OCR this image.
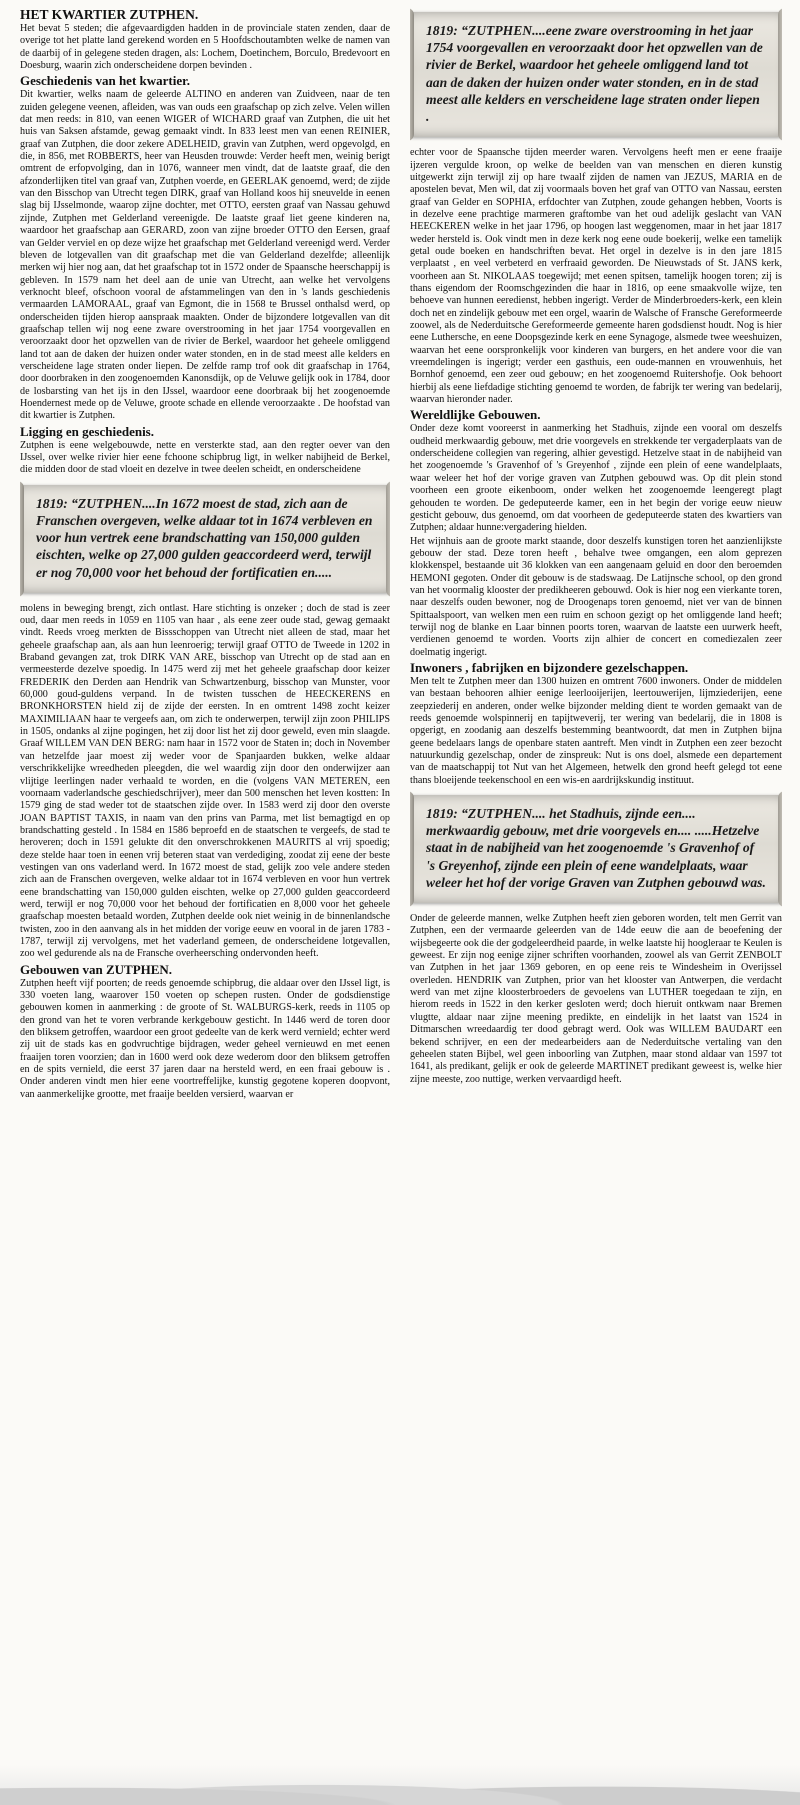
HET KWARTIER ZUTPHEN.

Het bevat 5 steden; die afgevaardigden hadden in de provinciale staten zenden, daar de overige tot het platte land gerekend worden en 5 Hoofdschoutambten welke de namen van de daarbij of in gelegene steden dragen, als: Lochem, Doetinchem, Borculo, Bredevoort en Doesburg, waarin zich onderscheidene dorpen bevinden .

Geschiedenis van het kwartier.

Dit kwartier, welks naam de geleerde ALTINO en anderen van Zuidveen, naar de ten zuiden gelegene veenen, afleiden, was van ouds een graafschap op zich zelve. Velen willen dat men reeds: in 810, van eenen WIGER of WICHARD graaf van Zutphen, die uit het huis van Saksen afstamde, gewag gemaakt vindt. In 833 leest men van eenen REINIER, graaf van Zutphen, die door zekere ADELHEID, gravin van Zutphen, werd opgevolgd, en die, in 856, met ROBBERTS, heer van Heusden trouwde: Verder heeft men, weinig berigt omtrent de erfopvolging, dan in 1076, wanneer men vindt, dat de laatste graaf, die den afzonderlijken titel van graaf van, Zutphen voerde, en GEERLAK genoemd, werd; de zijde van den Bisschop van Utrecht tegen DIRK, graaf van Holland koos hij sneuvelde in eenen slag bij IJsselmonde, waarop zijne dochter, met OTTO, eersten graaf van Nassau gehuwd zijnde, Zutphen met Gelderland vereenigde. De laatste graaf liet geene kinderen na, waardoor het graafschap aan GERARD, zoon van zijne broeder OTTO den Eersen, graaf van Gelder verviel en op deze wijze het graafschap met Gelderland vereenigd werd. Verder bleven de lotgevallen van dit graafschap met die van Gelderland dezelfde; alleenlijk merken wij hier nog aan, dat het graafschap tot in 1572 onder de Spaansche heerschappij is gebleven. In 1579 nam het deel aan de unie van Utrecht, aan welke het vervolgens verknocht bleef, ofschoon vooral de afstammelingen van den in 's lands geschiedenis vermaarden LAMORAAL, graaf van Egmont, die in 1568 te Brussel onthalsd werd, op onderscheiden tijden hierop aanspraak maakten. Onder de bijzondere lotgevallen van dit graafschap tellen wij nog eene zware overstrooming in het jaar 1754 voorgevallen en veroorzaakt door het opzwellen van de rivier de Berkel, waardoor het geheele omliggend land tot aan de daken der huizen onder water stonden, en in de stad meest alle kelders en verscheidene lage straten onder liepen. De zelfde ramp trof ook dit graafschap in 1764, door doorbraken in den zoogenoemden Kanonsdijk, op de Veluwe gelijk ook in 1784, door de losbarsting van het ijs in den IJssel, waardoor eene doorbraak bij het zoogenoemde Hoendernest mede op de Veluwe, groote schade en ellende veroorzaakte . De hoofstad van dit kwartier is Zutphen.

Ligging en geschiedenis.

Zutphen is eene welgebouwde, nette en versterkte stad, aan den regter oever van den IJssel, over welke rivier hier eene fchoone schipbrug ligt, in welker nabijheid de Berkel, die midden door de stad vloeit en dezelve in twee deelen scheidt, en onderscheidene

1819: “ZUTPHEN....In 1672 moest de stad, zich aan de Franschen overgeven, welke aldaar tot in 1674 verbleven en voor hun vertrek eene brandschatting van 150,000 gulden eischten, welke op 27,000 gulden geaccordeerd werd, terwijl er nog 70,000 voor het behoud der fortificatien en.....

molens in beweging brengt, zich ontlast. Hare stichting is onzeker ; doch de stad is zeer oud, daar men reeds in 1059 en 1105 van haar , als eene zeer oude stad, gewag gemaakt vindt. Reeds vroeg merkten de Bissschoppen van Utrecht niet alleen de stad, maar het geheele graafschap aan, als aan hun leenroerig; terwijl graaf OTTO de Tweede in 1202 in Braband gevangen zat, trok DIRK VAN ARE, bisschop van Utrecht op de stad aan en vermeesterde dezelve spoedig. In 1475 werd zij met het geheele graafschap door keizer FREDERIK den Derden aan Hendrik van Schwartzenburg, bisschop van Munster, voor 60,000 goud-guldens verpand. In de twisten tusschen de HEECKERENS en BRONKHORSTEN hield zij de zijde der eersten. In en omtrent 1498 zocht keizer MAXIMILIAAN haar te vergeefs aan, om zich te onderwerpen, terwijl zijn zoon PHILIPS in 1505, ondanks al zijne pogingen, het zij door list het zij door geweld, even min slaagde. Graaf WILLEM VAN DEN BERG: nam haar in 1572 voor de Staten in; doch in November van hetzelfde jaar moest zij weder voor de Spanjaarden bukken, welke aldaar verschrikkelijke wreedheden pleegden, die wel waardig zijn door den onderwijzer aan vlijtige leerlingen nader verhaald te worden, en die (volgens VAN METEREN, een voornaam vaderlandsche geschiedschrijver), meer dan 500 menschen het leven kostten: In 1579 ging de stad weder tot de staatschen zijde over. In 1583 werd zij door den overste JOAN BAPTIST TAXIS, in naam van den prins van Parma, met list bemagtigd en op brandschatting gesteld . In 1584 en 1586 beproefd en de staatschen te vergeefs, de stad te heroveren; doch in 1591 gelukte dit den onverschrokkenen MAURITS al vrij spoedig; deze stelde haar toen in eenen vrij beteren staat van verdediging, zoodat zij eene der beste vestingen van ons vaderland werd. In 1672 moest de stad, gelijk zoo vele andere steden zich aan de Franschen overgeven, welke aldaar tot in 1674 verbleven en voor hun vertrek eene brandschatting van 150,000 gulden eischten, welke op 27,000 gulden geaccordeerd werd, terwijl er nog 70,000 voor het behoud der fortificatien en 8,000 voor het geheele graafschap moesten betaald worden, Zutphen deelde ook niet weinig in de binnenlandsche twisten, zoo in den aanvang als in het midden der vorige eeuw en vooral in de jaren 1783 - 1787, terwijl zij vervolgens, met het vaderland gemeen, de onderscheidene lotgevallen, zoo wel gedurende als na de Fransche overheersching ondervonden heeft.

Gebouwen van ZUTPHEN.

Zutphen heeft vijf poorten; de reeds genoemde schipbrug, die aldaar over den IJssel ligt, is 330 voeten lang, waarover 150 voeten op schepen rusten. Onder de godsdienstige gebouwen komen in aanmerking : de groote of St. WALBURGS-kerk, reeds in 1105 op den grond van het te voren verbrande kerkgebouw gesticht. In 1446 werd de toren door den bliksem getroffen, waardoor een groot gedeelte van de kerk werd vernield; echter werd zij uit de stads kas en godvruchtige bijdragen, weder geheel vernieuwd en met eenen fraaijen toren voorzien; dan in 1600 werd ook deze wederom door den bliksem getroffen en de spits vernield, die eerst 37 jaren daar na hersteld werd, en een fraai gebouw is . Onder anderen vindt men hier eene voortreffelijke, kunstig gegotene koperen doopvont, van aanmerkelijke grootte, met fraaije beelden versierd, waarvan er

1819: “ZUTPHEN....eene zware overstrooming in het jaar 1754 voorgevallen en veroorzaakt door het opzwellen van de rivier de Berkel, waardoor het geheele omliggend land tot aan de daken der huizen onder water stonden, en in de stad meest alle kelders en verscheidene lage straten onder liepen .

echter voor de Spaansche tijden meerder waren. Vervolgens heeft men er eene fraaije ijzeren vergulde kroon, op welke de beelden van van menschen en dieren kunstig uitgewerkt zijn terwijl zij op hare twaalf zijden de namen van JEZUS, MARIA en de apostelen bevat, Men wil, dat zij voormaals boven het graf van OTTO van Nassau, eersten graaf van Gelder en SOPHIA, erfdochter van Zutphen, zoude gehangen hebben, Voorts is in dezelve eene prachtige marmeren graftombe van het oud adelijk geslacht van VAN HEECKEREN welke in het jaar 1796, op hoogen last weggenomen, maar in het jaar 1817 weder hersteld is. Ook vindt men in deze kerk nog eene oude boekerij, welke een tamelijk getal oude boeken en handschriften bevat. Het orgel in dezelve is in den jare 1815 verplaatst , en veel verbeterd en verfraaid geworden. De Nieuwstads of St. JANS kerk, voorheen aan St. NIKOLAAS toegewijd; met eenen spitsen, tamelijk hoogen toren; zij is thans eigendom der Roomschgezinden die haar in 1816, op eene smaakvolle wijze, ten behoeve van hunnen eeredienst, hebben ingerigt. Verder de Minderbroeders-kerk, een klein doch net en zindelijk gebouw met een orgel, waarin de Walsche of Fransche Gereformeerde zoowel, als de Nederduitsche Gereformeerde gemeente haren godsdienst houdt. Nog is hier eene Luthersche, en eene Doopsgezinde kerk en eene Synagoge, alsmede twee weeshuizen, waarvan het eene oorspronkelijk voor kinderen van burgers, en het andere voor die van vreemdelingen is ingerigt; verder een gasthuis, een oude-mannen en vrouwenhuis, het Bornhof genoemd, een zeer oud gebouw; en het zoogenoemd Ruitershofje. Ook behoort hierbij als eene liefdadige stichting genoemd te worden, de fabrijk ter wering van bedelarij, waarvan hieronder nader.

Wereldlijke Gebouwen.

Onder deze komt vooreerst in aanmerking het Stadhuis, zijnde een vooral om deszelfs oudheid merkwaardig gebouw, met drie voorgevels en strekkende ter vergaderplaats van de onderscheidene collegien van regering, alhier gevestigd. Hetzelve staat in de nabijheid van het zoogenoemde 's Gravenhof of 's Greyenhof , zijnde een plein of eene wandelplaats, waar weleer het hof der vorige graven van Zutphen gebouwd was. Op dit plein stond voorheen een groote eikenboom, onder welken het zoogenoemde leengeregt plagt gehouden te worden. De gedeputeerde kamer, een in het begin der vorige eeuw nieuw gesticht gebouw, dus genoemd, om dat voorheen de gedeputeerde staten des kwartiers van Zutphen; aldaar hunne:vergadering hielden.

Het wijnhuis aan de groote markt staande, door deszelfs kunstigen toren het aanzienlijkste gebouw der stad. Deze toren heeft , behalve twee omgangen, een alom geprezen klokkenspel, bestaande uit 36 klokken van een aangenaam geluid en door den beroemden HEMONI gegoten. Onder dit gebouw is de stadswaag. De Latijnsche school, op den grond van het voormalig klooster der predikheeren gebouwd. Ook is hier nog een vierkante toren, naar deszelfs ouden bewoner, nog de Droogenaps toren genoemd, niet ver van de binnen Spittaalspoort, van welken men een ruim en schoon gezigt op het omliggende land heeft; terwijl nog de blanke en Laar binnen poorts toren, waarvan de laatste een uurwerk heeft, verdienen genoemd te worden. Voorts zijn alhier de concert en comediezalen zeer doelmatig ingerigt.

Inwoners , fabrijken en bijzondere gezelschappen.

Men telt te Zutphen meer dan 1300 huizen en omtrent 7600 inwoners. Onder de middelen van bestaan behooren alhier eenige leerlooijerijen, leertouwerijen, lijmziederijen, eene zeepziederij en anderen, onder welke bijzonder melding dient te worden gemaakt van de reeds genoemde wolspinnerij en tapijtweverij, ter wering van bedelarij, die in 1808 is opgerigt, en zoodanig aan deszelfs bestemming beantwoordt, dat men in Zutphen bijna geene bedelaars langs de openbare staten aantreft. Men vindt in Zutphen een zeer bezocht natuurkundig gezelschap, onder de zinspreuk: Nut is ons doel, alsmede een departement van de maatschappij tot Nut van het Algemeen, hetwelk den grond heeft gelegd tot eene thans bloeijende teekenschool en een wis-en aardrijkskundig instituut.

1819: “ZUTPHEN.... het Stadhuis, zijnde een.... merkwaardig gebouw, met drie voorgevels en.... .....Hetzelve staat in de nabijheid van het zoogenoemde 's Gravenhof of 's Greyenhof, zijnde een plein of eene wandelplaats, waar weleer het hof der vorige Graven van Zutphen gebouwd was.

Onder de geleerde mannen, welke Zutphen heeft zien geboren worden, telt men Gerrit van Zutphen, een der vermaarde geleerden van de 14de eeuw die aan de beoefening der wijsbegeerte ook die der godgeleerdheid paarde, in welke laatste hij hoogleraar te Keulen is geweest. Er zijn nog eenige zijner schriften voorhanden, zoowel als van Gerrit ZENBOLT van Zutphen in het jaar 1369 geboren, en op eene reis te Windesheim in Overijssel overleden. HENDRIK van Zutphen, prior van het klooster van Antwerpen, die verdacht werd van met zijne kloosterbroeders de gevoelens van LUTHER toegedaan te zijn, en hierom reeds in 1522 in den kerker gesloten werd; doch hieruit ontkwam naar Bremen vlugtte, aldaar naar zijne meening predikte, en eindelijk in het laatst van 1524 in Ditmarschen wreedaardig ter dood gebragt werd. Ook was WILLEM BAUDART een bekend schrijver, en een der medearbeiders aan de Nederduitsche vertaling van den geheelen staten Bijbel, wel geen inboorling van Zutphen, maar stond aldaar van 1597 tot 1641, als predikant, gelijk er ook de geleerde MARTINET predikant geweest is, welke hier zijne meeste, zoo nuttige, werken vervaardigd heeft.
